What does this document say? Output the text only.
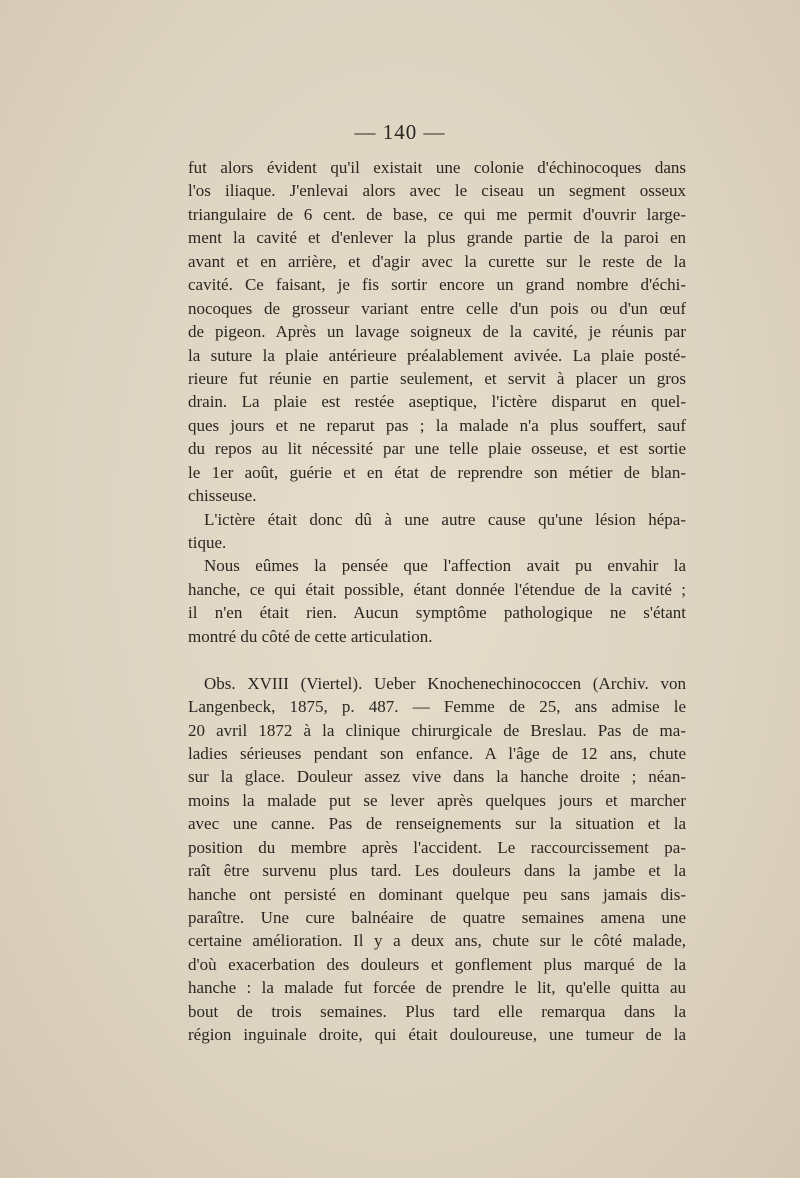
— 140 —
fut alors évident qu'il existait une colonie d'échinocoques dans
l'os iliaque. J'enlevai alors avec le ciseau un segment osseux
triangulaire de 6 cent. de base, ce qui me permit d'ouvrir large-
ment la cavité et d'enlever la plus grande partie de la paroi en
avant et en arrière, et d'agir avec la curette sur le reste de la
cavité. Ce faisant, je fis sortir encore un grand nombre d'échi-
nocoques de grosseur variant entre celle d'un pois ou d'un œuf
de pigeon. Après un lavage soigneux de la cavité, je réunis par
la suture la plaie antérieure préalablement avivée. La plaie posté-
rieure fut réunie en partie seulement, et servit à placer un gros
drain. La plaie est restée aseptique, l'ictère disparut en quel-
ques jours et ne reparut pas ; la malade n'a plus souffert, sauf
du repos au lit nécessité par une telle plaie osseuse, et est sortie
le 1er août, guérie et en état de reprendre son métier de blan-
chisseuse.
L'ictère était donc dû à une autre cause qu'une lésion hépa-
tique.
Nous eûmes la pensée que l'affection avait pu envahir la
hanche, ce qui était possible, étant donnée l'étendue de la cavité ;
il n'en était rien. Aucun symptôme pathologique ne s'étant
montré du côté de cette articulation.
Obs. XVIII (Viertel). Ueber Knochenechinococcen (Archiv. von
Langenbeck, 1875, p. 487. — Femme de 25, ans admise le
20 avril 1872 à la clinique chirurgicale de Breslau. Pas de ma-
ladies sérieuses pendant son enfance. A l'âge de 12 ans, chute
sur la glace. Douleur assez vive dans la hanche droite ; néan-
moins la malade put se lever après quelques jours et marcher
avec une canne. Pas de renseignements sur la situation et la
position du membre après l'accident. Le raccourcissement pa-
raît être survenu plus tard. Les douleurs dans la jambe et la
hanche ont persisté en dominant quelque peu sans jamais dis-
paraître. Une cure balnéaire de quatre semaines amena une
certaine amélioration. Il y a deux ans, chute sur le côté malade,
d'où exacerbation des douleurs et gonflement plus marqué de la
hanche : la malade fut forcée de prendre le lit, qu'elle quitta au
bout de trois semaines. Plus tard elle remarqua dans la
région inguinale droite, qui était douloureuse, une tumeur de la
